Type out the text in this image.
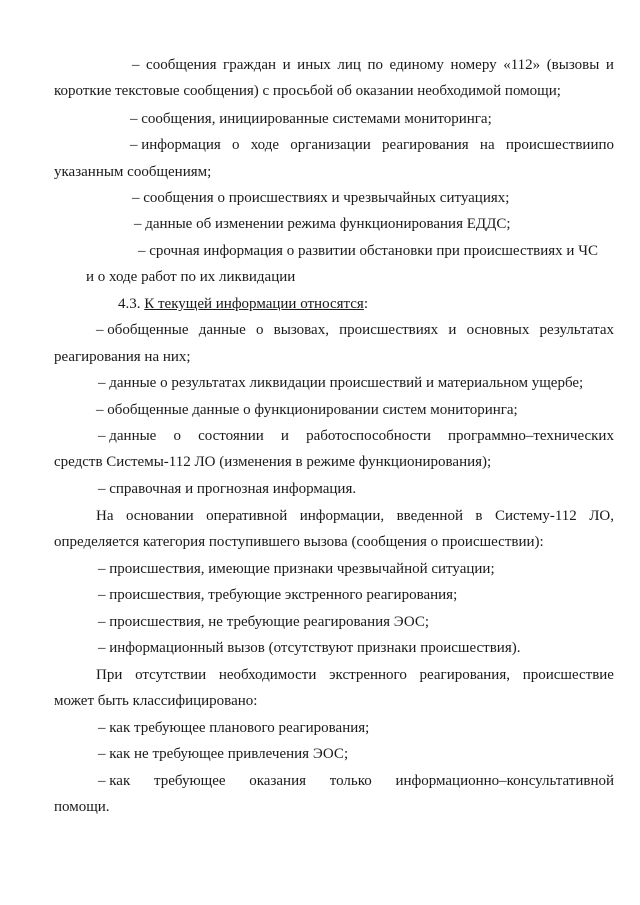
– сообщения граждан и иных лиц по единому номеру «112» (вызовы и
короткие текстовые сообщения) с просьбой об оказании необходимой помощи;
– сообщения, инициированные системами мониторинга;
– информация о ходе организации реагирования на происшествиипо
указанным сообщениям;
– сообщения о происшествиях и чрезвычайных ситуациях;
– данные об изменении режима функционирования ЕДДС;
– срочная информация о развитии обстановки при происшествиях и ЧС
и о ходе работ по их ликвидации
4.3. К текущей информации относятся:
– обобщенные данные о вызовах, происшествиях и основных результатах
реагирования на них;
– данные о результатах ликвидации происшествий и материальном ущербе;
– обобщенные данные о функционировании систем мониторинга;
– данные о состоянии и работоспособности программно–технических
средств Системы-112 ЛО (изменения в режиме функционирования);
– справочная и прогнозная информация.
На основании оперативной информации, введенной в Систему-112 ЛО,
определяется категория поступившего вызова (сообщения о происшествии):
– происшествия, имеющие признаки чрезвычайной ситуации;
– происшествия, требующие экстренного реагирования;
– происшествия, не требующие реагирования ЭОС;
– информационный вызов (отсутствуют признаки происшествия).
При отсутствии необходимости экстренного реагирования, происшествие
может быть классифицировано:
– как требующее планового реагирования;
– как не требующее привлечения ЭОС;
– как требующее оказания только информационно–консультативной
помощи.
